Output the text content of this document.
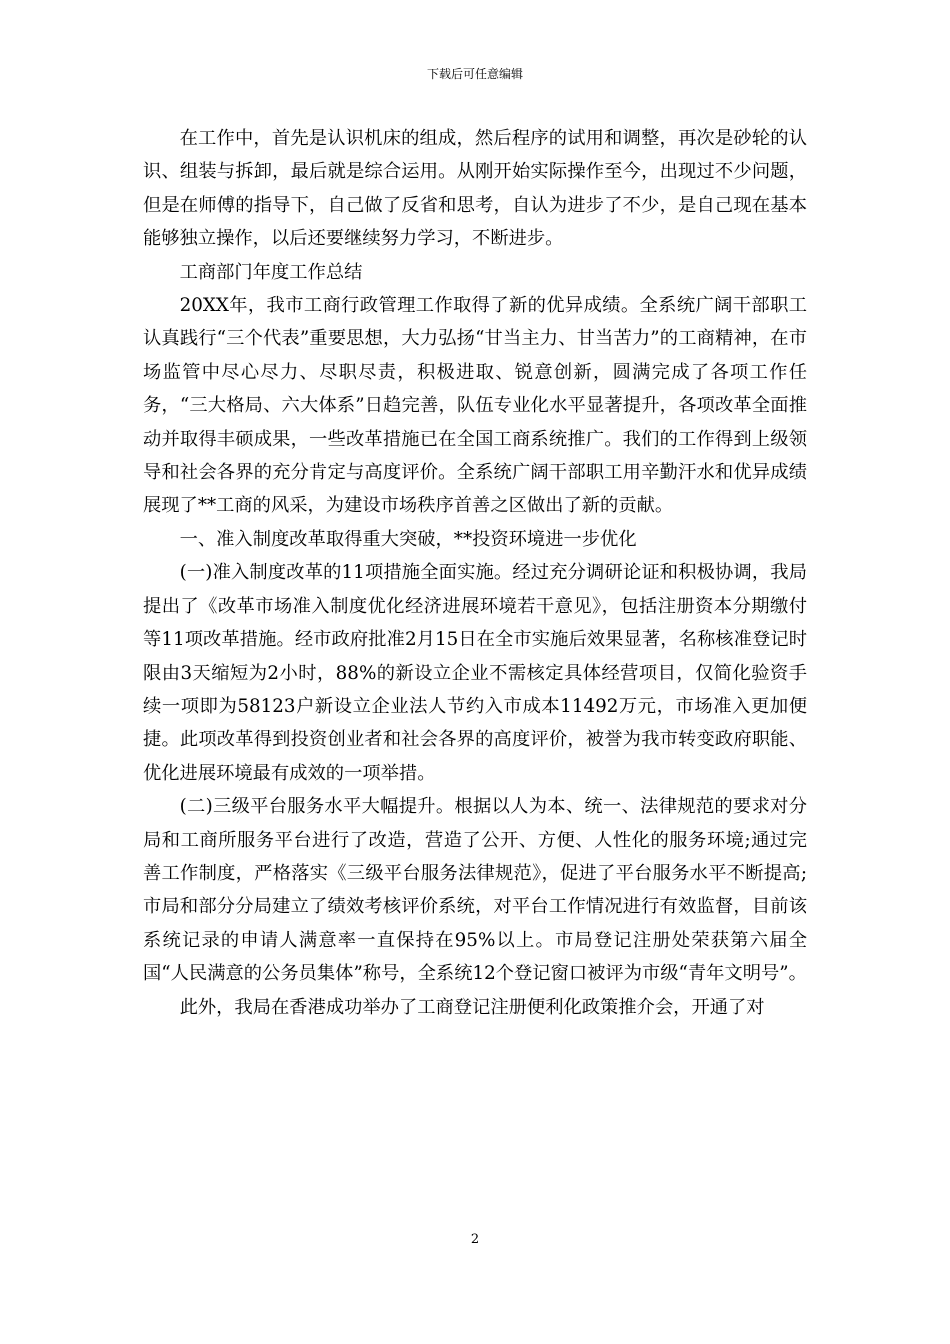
下载后可任意编辑

在工作中，首先是认识机床的组成，然后程序的试用和调整，再次是砂轮的认识、组装与拆卸，最后就是综合运用。从刚开始实际操作至今，出现过不少问题，但是在师傅的指导下，自己做了反省和思考，自认为进步了不少，是自己现在基本能够独立操作，以后还要继续努力学习，不断进步。

工商部门年度工作总结

20XX年，我市工商行政管理工作取得了新的优异成绩。全系统广阔干部职工认真践行“三个代表”重要思想，大力弘扬“甘当主力、甘当苦力”的工商精神，在市场监管中尽心尽力、尽职尽责，积极进取、锐意创新，圆满完成了各项工作任务，“三大格局、六大体系”日趋完善，队伍专业化水平显著提升，各项改革全面推动并取得丰硕成果，一些改革措施已在全国工商系统推广。我们的工作得到上级领导和社会各界的充分肯定与高度评价。全系统广阔干部职工用辛勤汗水和优异成绩展现了**工商的风采，为建设市场秩序首善之区做出了新的贡献。

一、准入制度改革取得重大突破，**投资环境进一步优化

(一)准入制度改革的11项措施全面实施。经过充分调研论证和积极协调，我局提出了《改革市场准入制度优化经济进展环境若干意见》，包括注册资本分期缴付等11项改革措施。经市政府批准2月15日在全市实施后效果显著，名称核准登记时限由3天缩短为2小时，88%的新设立企业不需核定具体经营项目，仅简化验资手续一项即为58123户新设立企业法人节约入市成本11492万元，市场准入更加便捷。此项改革得到投资创业者和社会各界的高度评价，被誉为我市转变政府职能、优化进展环境最有成效的一项举措。

(二)三级平台服务水平大幅提升。根据以人为本、统一、法律规范的要求对分局和工商所服务平台进行了改造，营造了公开、方便、人性化的服务环境;通过完善工作制度，严格落实《三级平台服务法律规范》，促进了平台服务水平不断提高;市局和部分分局建立了绩效考核评价系统，对平台工作情况进行有效监督，目前该系统记录的申请人满意率一直保持在95%以上。市局登记注册处荣获第六届全国“人民满意的公务员集体”称号，全系统12个登记窗口被评为市级“青年文明号”。

此外，我局在香港成功举办了工商登记注册便利化政策推介会，开通了对

2
